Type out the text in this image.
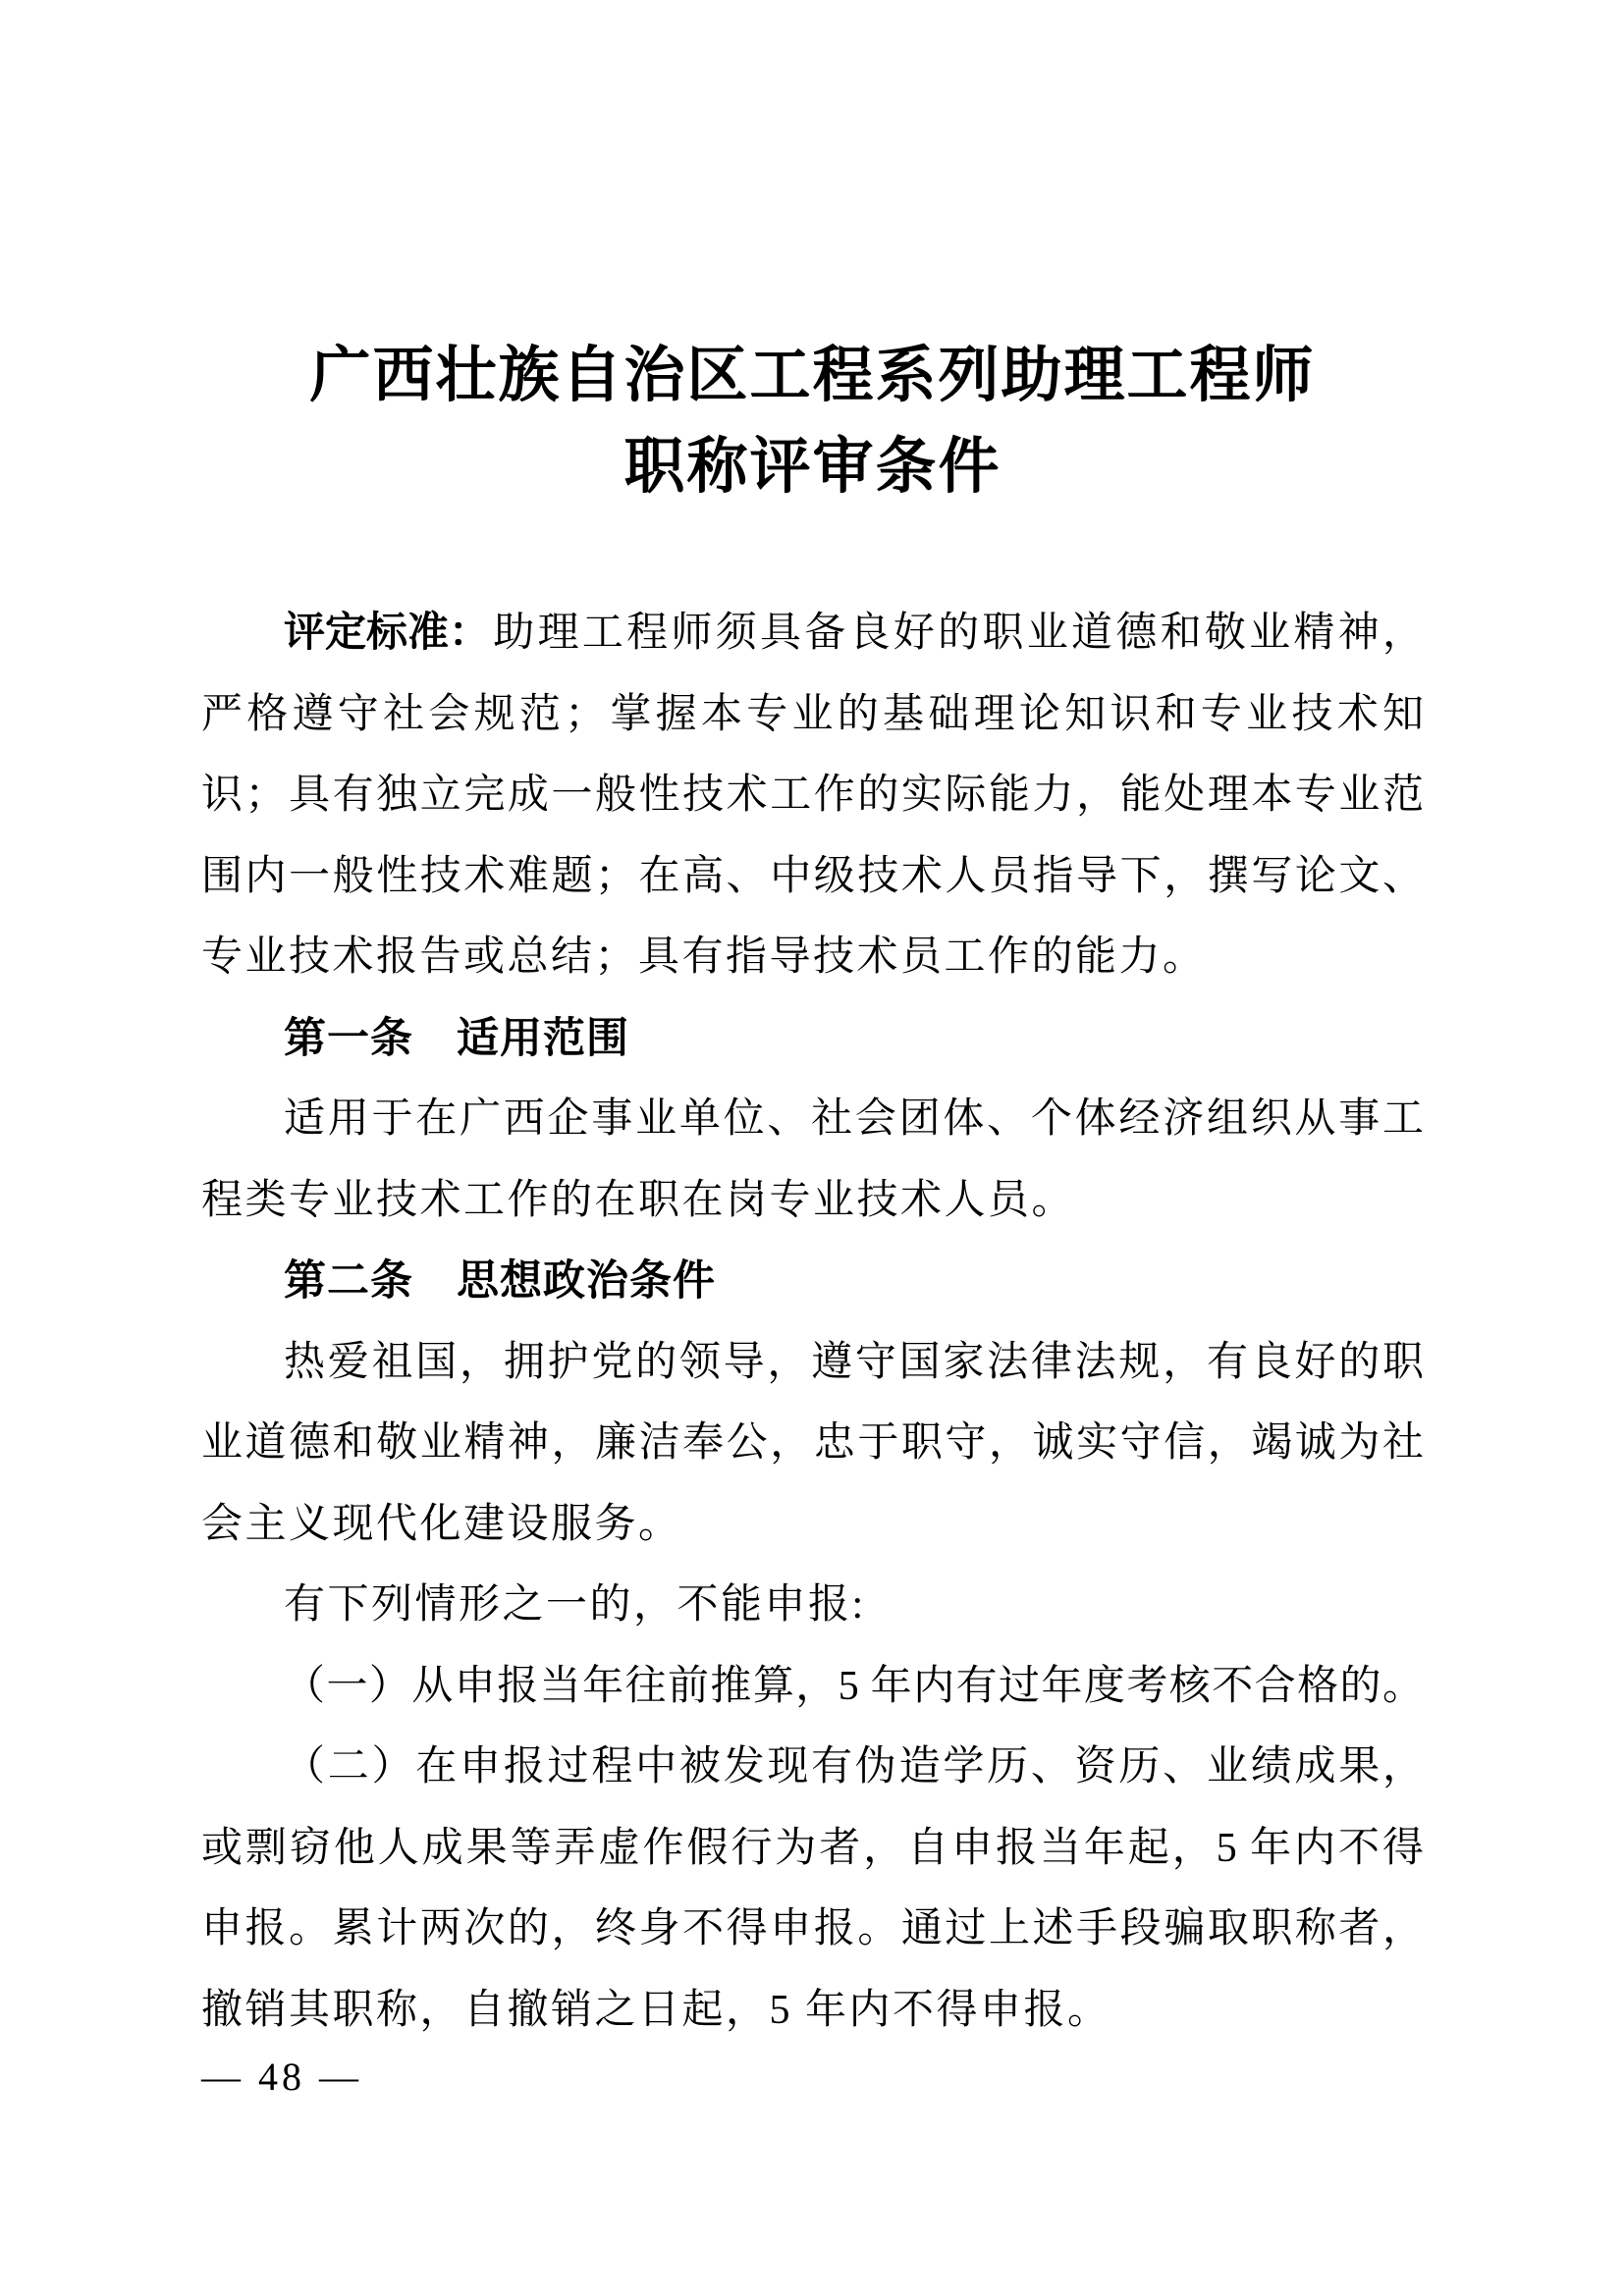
广西壮族自治区工程系列助理工程师
职称评审条件
评定标准：助理工程师须具备良好的职业道德和敬业精神，
严格遵守社会规范；掌握本专业的基础理论知识和专业技术知
识；具有独立完成一般性技术工作的实际能力，能处理本专业范
围内一般性技术难题；在高、中级技术人员指导下，撰写论文、
专业技术报告或总结；具有指导技术员工作的能力。
第一条　适用范围
适用于在广西企事业单位、社会团体、个体经济组织从事工
程类专业技术工作的在职在岗专业技术人员。
第二条　思想政治条件
热爱祖国，拥护党的领导，遵守国家法律法规，有良好的职
业道德和敬业精神，廉洁奉公，忠于职守，诚实守信，竭诚为社
会主义现代化建设服务。
有下列情形之一的，不能申报:
（一）从申报当年往前推算，5 年内有过年度考核不合格的。
（二）在申报过程中被发现有伪造学历、资历、业绩成果，
或剽窃他人成果等弄虚作假行为者，自申报当年起，5 年内不得
申报。累计两次的，终身不得申报。通过上述手段骗取职称者，
撤销其职称，自撤销之日起，5 年内不得申报。
— 48 —
